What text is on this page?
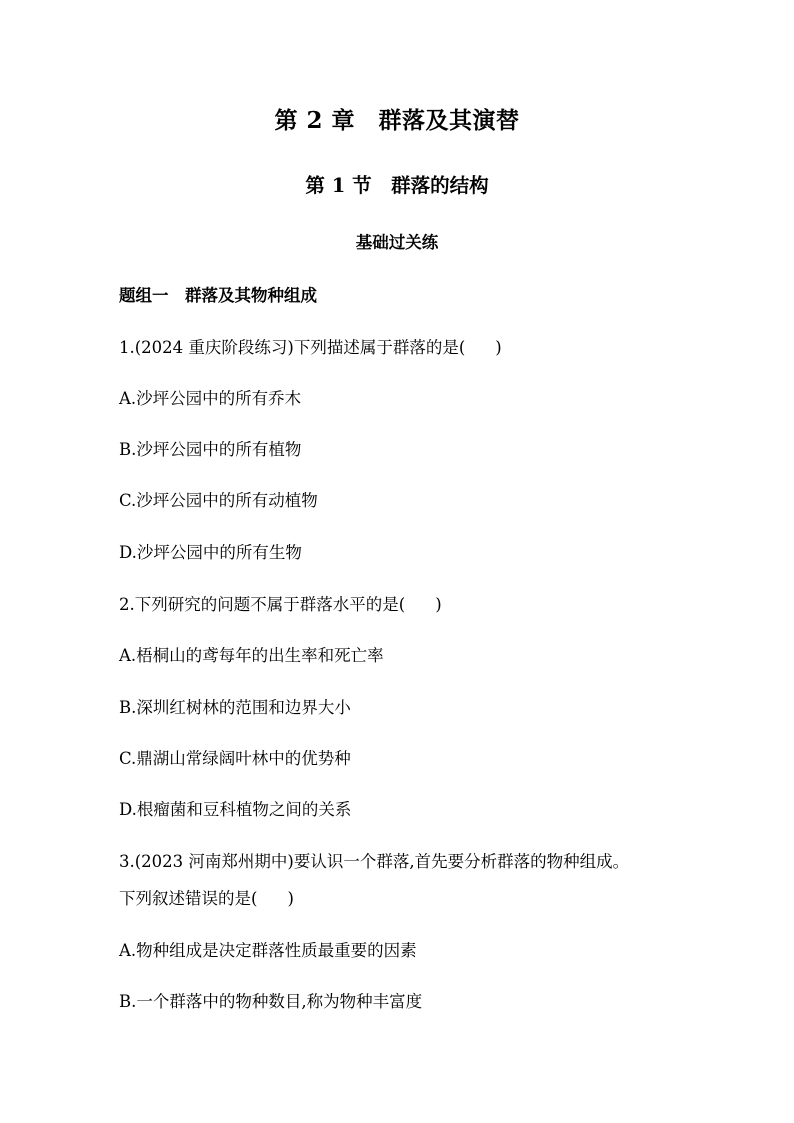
第 2 章　群落及其演替
第 1 节　群落的结构
基础过关练
题组一　群落及其物种组成
1.(2024 重庆阶段练习)下列描述属于群落的是( )
A.沙坪公园中的所有乔木
B.沙坪公园中的所有植物
C.沙坪公园中的所有动植物
D.沙坪公园中的所有生物
2.下列研究的问题不属于群落水平的是( )
A.梧桐山的鸢每年的出生率和死亡率
B.深圳红树林的范围和边界大小
C.鼎湖山常绿阔叶林中的优势种
D.根瘤菌和豆科植物之间的关系
3.(2023 河南郑州期中)要认识一个群落,首先要分析群落的物种组成。
下列叙述错误的是( )
A.物种组成是决定群落性质最重要的因素
B.一个群落中的物种数目,称为物种丰富度
